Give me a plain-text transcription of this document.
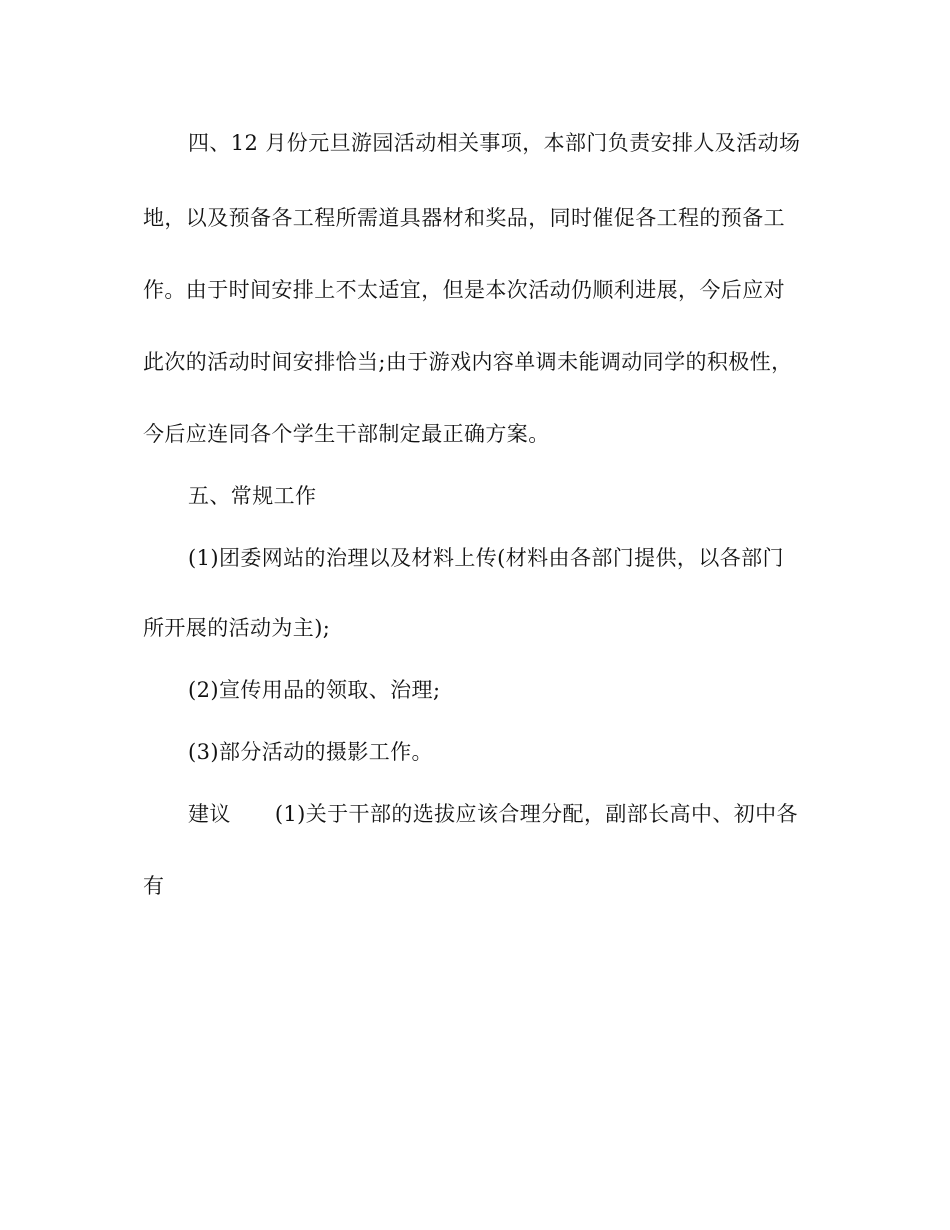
四、12 月份元旦游园活动相关事项，本部门负责安排人及活动场
地，以及预备各工程所需道具器材和奖品，同时催促各工程的预备工
作。由于时间安排上不太适宜，但是本次活动仍顺利进展，今后应对
此次的活动时间安排恰当;由于游戏内容单调未能调动同学的积极性，
今后应连同各个学生干部制定最正确方案。
五、常规工作
(1)团委网站的治理以及材料上传(材料由各部门提供，以各部门
所开展的活动为主);
(2)宣传用品的领取、治理;
(3)部分活动的摄影工作。
建议 (1)关于干部的选拔应该合理分配，副部长高中、初中各
有
